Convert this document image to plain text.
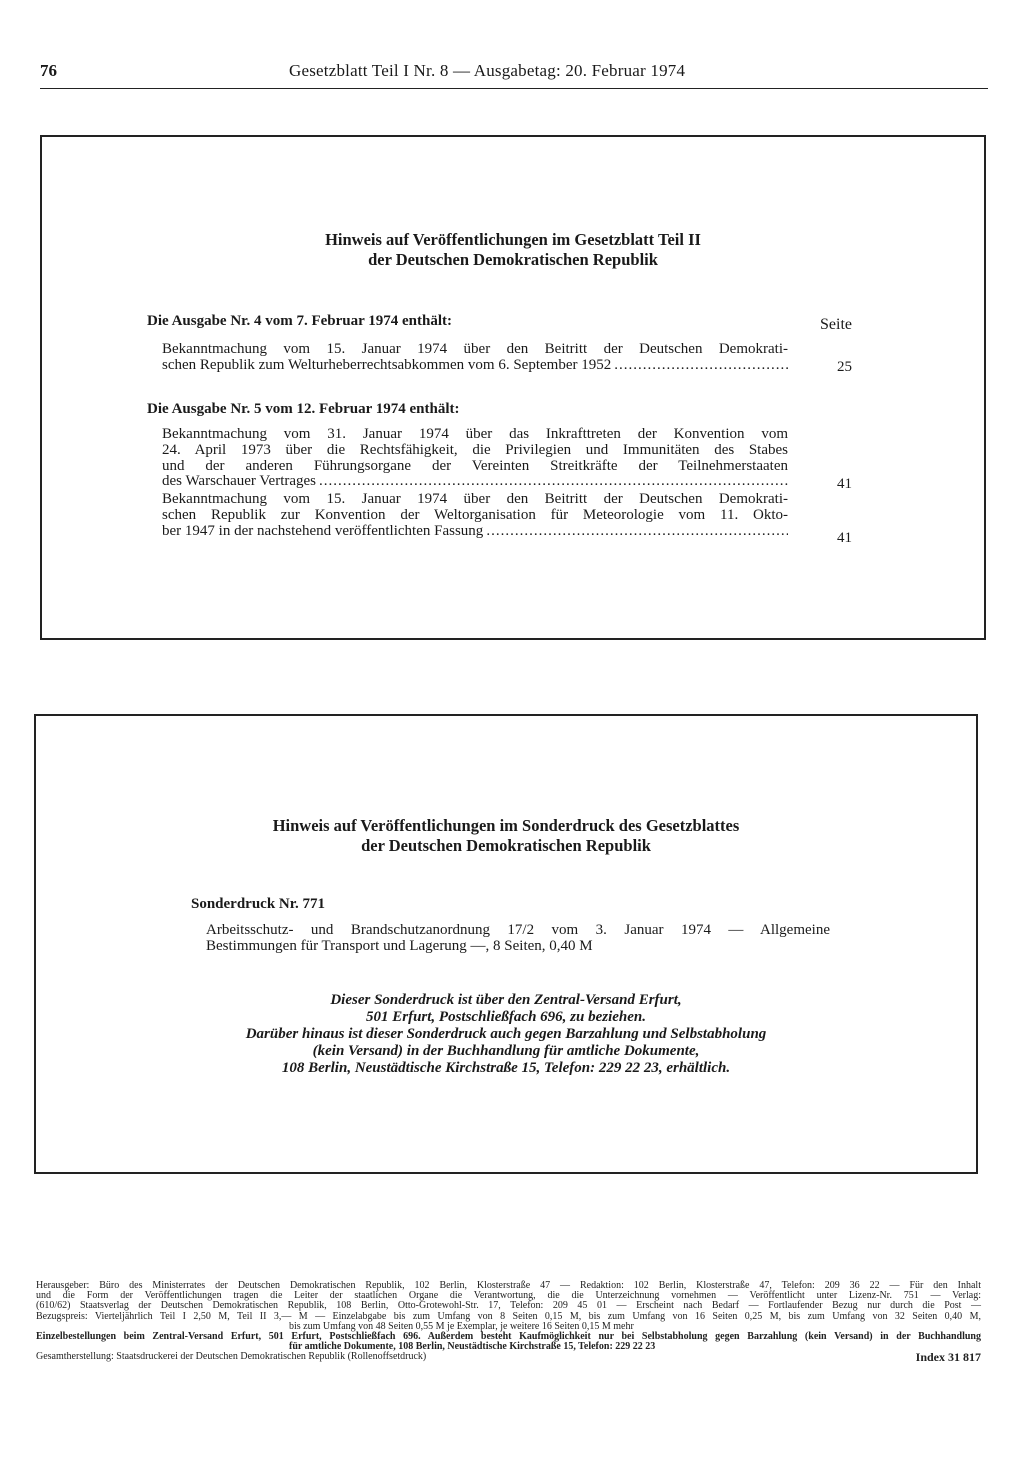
76	Gesetzblatt Teil I Nr. 8 — Ausgabetag: 20. Februar 1974
Hinweis auf Veröffentlichungen im Gesetzblatt Teil II
der Deutschen Demokratischen Republik
Seite
Die Ausgabe Nr. 4 vom 7. Februar 1974 enthält:
Bekanntmachung vom 15. Januar 1974 über den Beitritt der Deutschen Demokrati-
schen Republik zum Welturheberrechtsabkommen vom 6. September 1952 .....	25
Die Ausgabe Nr. 5 vom 12. Februar 1974 enthält:
Bekanntmachung vom 31. Januar 1974 über das Inkrafttreten der Konvention vom
24. April 1973 über die Rechtsfähigkeit, die Privilegien und Immunitäten des Stabes
und der anderen Führungsorgane der Vereinten Streitkräfte der Teilnehmerstaaten
des Warschauer Vertrages .....	41
Bekanntmachung vom 15. Januar 1974 über den Beitritt der Deutschen Demokrati-
schen Republik zur Konvention der Weltorganisation für Meteorologie vom 11. Okto-
ber 1947 in der nachstehend veröffentlichten Fassung .....	41
Hinweis auf Veröffentlichungen im Sonderdruck des Gesetzblattes
der Deutschen Demokratischen Republik
Sonderdruck Nr. 771
Arbeitsschutz- und Brandschutzanordnung 17/2 vom 3. Januar 1974 — Allgemeine
Bestimmungen für Transport und Lagerung —, 8 Seiten, 0,40 M
Dieser Sonderdruck ist über den Zentral-Versand Erfurt,
501 Erfurt, Postschließfach 696, zu beziehen.
Darüber hinaus ist dieser Sonderdruck auch gegen Barzahlung und Selbstabholung
(kein Versand) in der Buchhandlung für amtliche Dokumente,
108 Berlin, Neustädtische Kirchstraße 15, Telefon: 229 22 23, erhältlich.
Herausgeber: Büro des Ministerrates der Deutschen Demokratischen Republik, 102 Berlin, Klosterstraße 47 — Redaktion: 102 Berlin, Klosterstraße 47, Telefon: 209 36 22 — Für den Inhalt
und die Form der Veröffentlichungen tragen die Leiter der staatlichen Organe die Verantwortung, die die Unterzeichnung vornehmen — Veröffentlicht unter Lizenz-Nr. 751 — Verlag:
(610/62) Staatsverlag der Deutschen Demokratischen Republik, 108 Berlin, Otto-Grotewohl-Str. 17, Telefon: 209 45 01 — Erscheint nach Bedarf — Fortlaufender Bezug nur durch die Post —
Bezugspreis: Vierteljährlich Teil I 2,50 M, Teil II 3,— M — Einzelabgabe bis zum Umfang von 8 Seiten 0,15 M, bis zum Umfang von 16 Seiten 0,25 M, bis zum Umfang von 32 Seiten 0,40 M,
bis zum Umfang von 48 Seiten 0,55 M je Exemplar, je weitere 16 Seiten 0,15 M mehr
Einzelbestellungen beim Zentral-Versand Erfurt, 501 Erfurt, Postschließfach 696. Außerdem besteht Kaufmöglichkeit nur bei Selbstabholung gegen Barzahlung (kein Versand) in der Buchhandlung
für amtliche Dokumente, 108 Berlin, Neustädtische Kirchstraße 15, Telefon: 229 22 23
Gesamtherstellung: Staatsdruckerei der Deutschen Demokratischen Republik (Rollenoffsetdruck)	Index 31 817
